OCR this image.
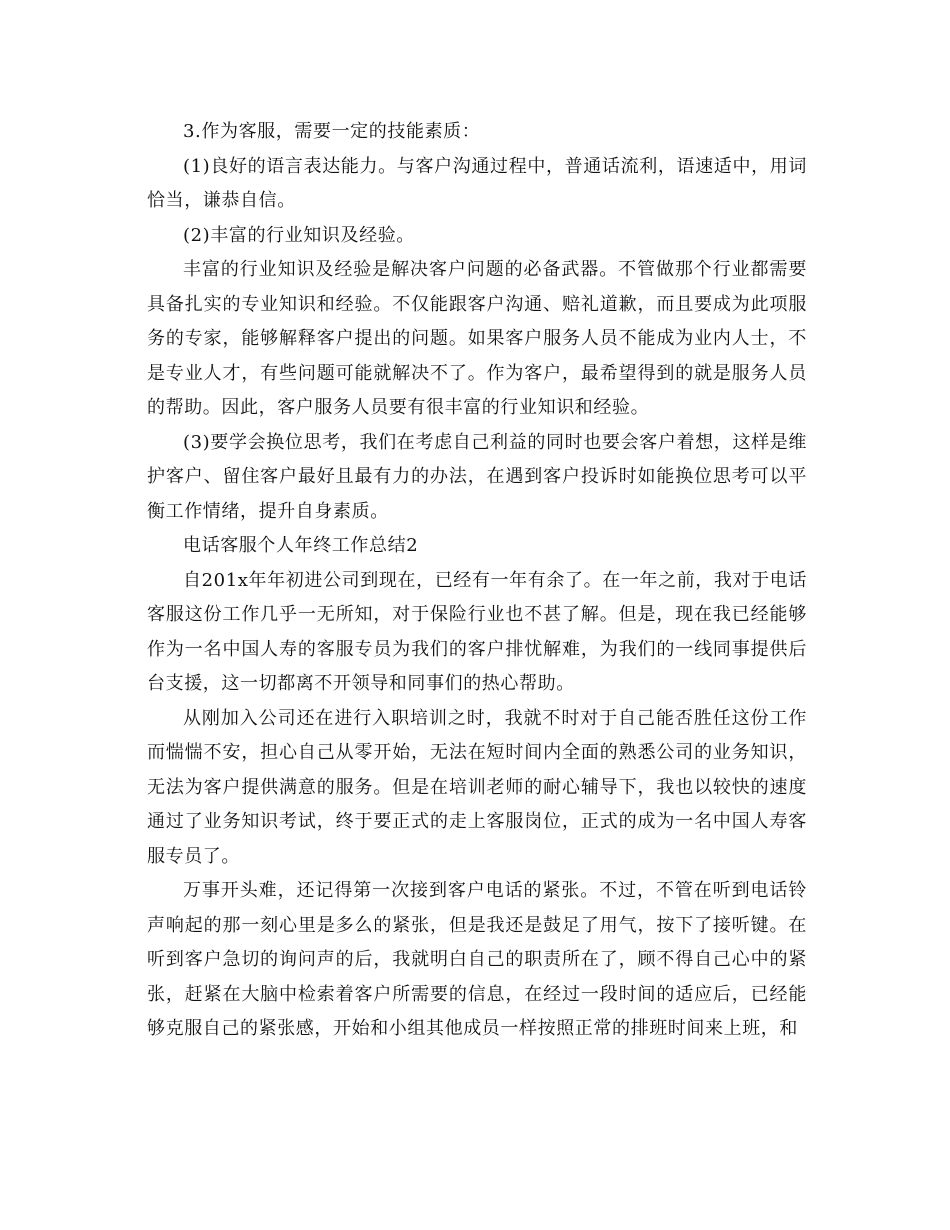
3.作为客服，需要一定的技能素质：

(1)良好的语言表达能力。与客户沟通过程中，普通话流利，语速适中，用词恰当，谦恭自信。

(2)丰富的行业知识及经验。

丰富的行业知识及经验是解决客户问题的必备武器。不管做那个行业都需要具备扎实的专业知识和经验。不仅能跟客户沟通、赔礼道歉，而且要成为此项服务的专家，能够解释客户提出的问题。如果客户服务人员不能成为业内人士，不是专业人才，有些问题可能就解决不了。作为客户，最希望得到的就是服务人员的帮助。因此，客户服务人员要有很丰富的行业知识和经验。

(3)要学会换位思考，我们在考虑自己利益的同时也要会客户着想，这样是维护客户、留住客户最好且最有力的办法，在遇到客户投诉时如能换位思考可以平衡工作情绪，提升自身素质。

电话客服个人年终工作总结2

自201x年年初进公司到现在，已经有一年有余了。在一年之前，我对于电话客服这份工作几乎一无所知，对于保险行业也不甚了解。但是，现在我已经能够作为一名中国人寿的客服专员为我们的客户排忧解难，为我们的一线同事提供后台支援，这一切都离不开领导和同事们的热心帮助。

从刚加入公司还在进行入职培训之时，我就不时对于自己能否胜任这份工作而惴惴不安，担心自己从零开始，无法在短时间内全面的熟悉公司的业务知识，无法为客户提供满意的服务。但是在培训老师的耐心辅导下，我也以较快的速度通过了业务知识考试，终于要正式的走上客服岗位，正式的成为一名中国人寿客服专员了。

万事开头难，还记得第一次接到客户电话的紧张。不过，不管在听到电话铃声响起的那一刻心里是多么的紧张，但是我还是鼓足了用气，按下了接听键。在听到客户急切的询问声的后，我就明白自己的职责所在了，顾不得自己心中的紧张，赶紧在大脑中检索着客户所需要的信息，在经过一段时间的适应后，已经能够克服自己的紧张感，开始和小组其他成员一样按照正常的排班时间来上班，和
